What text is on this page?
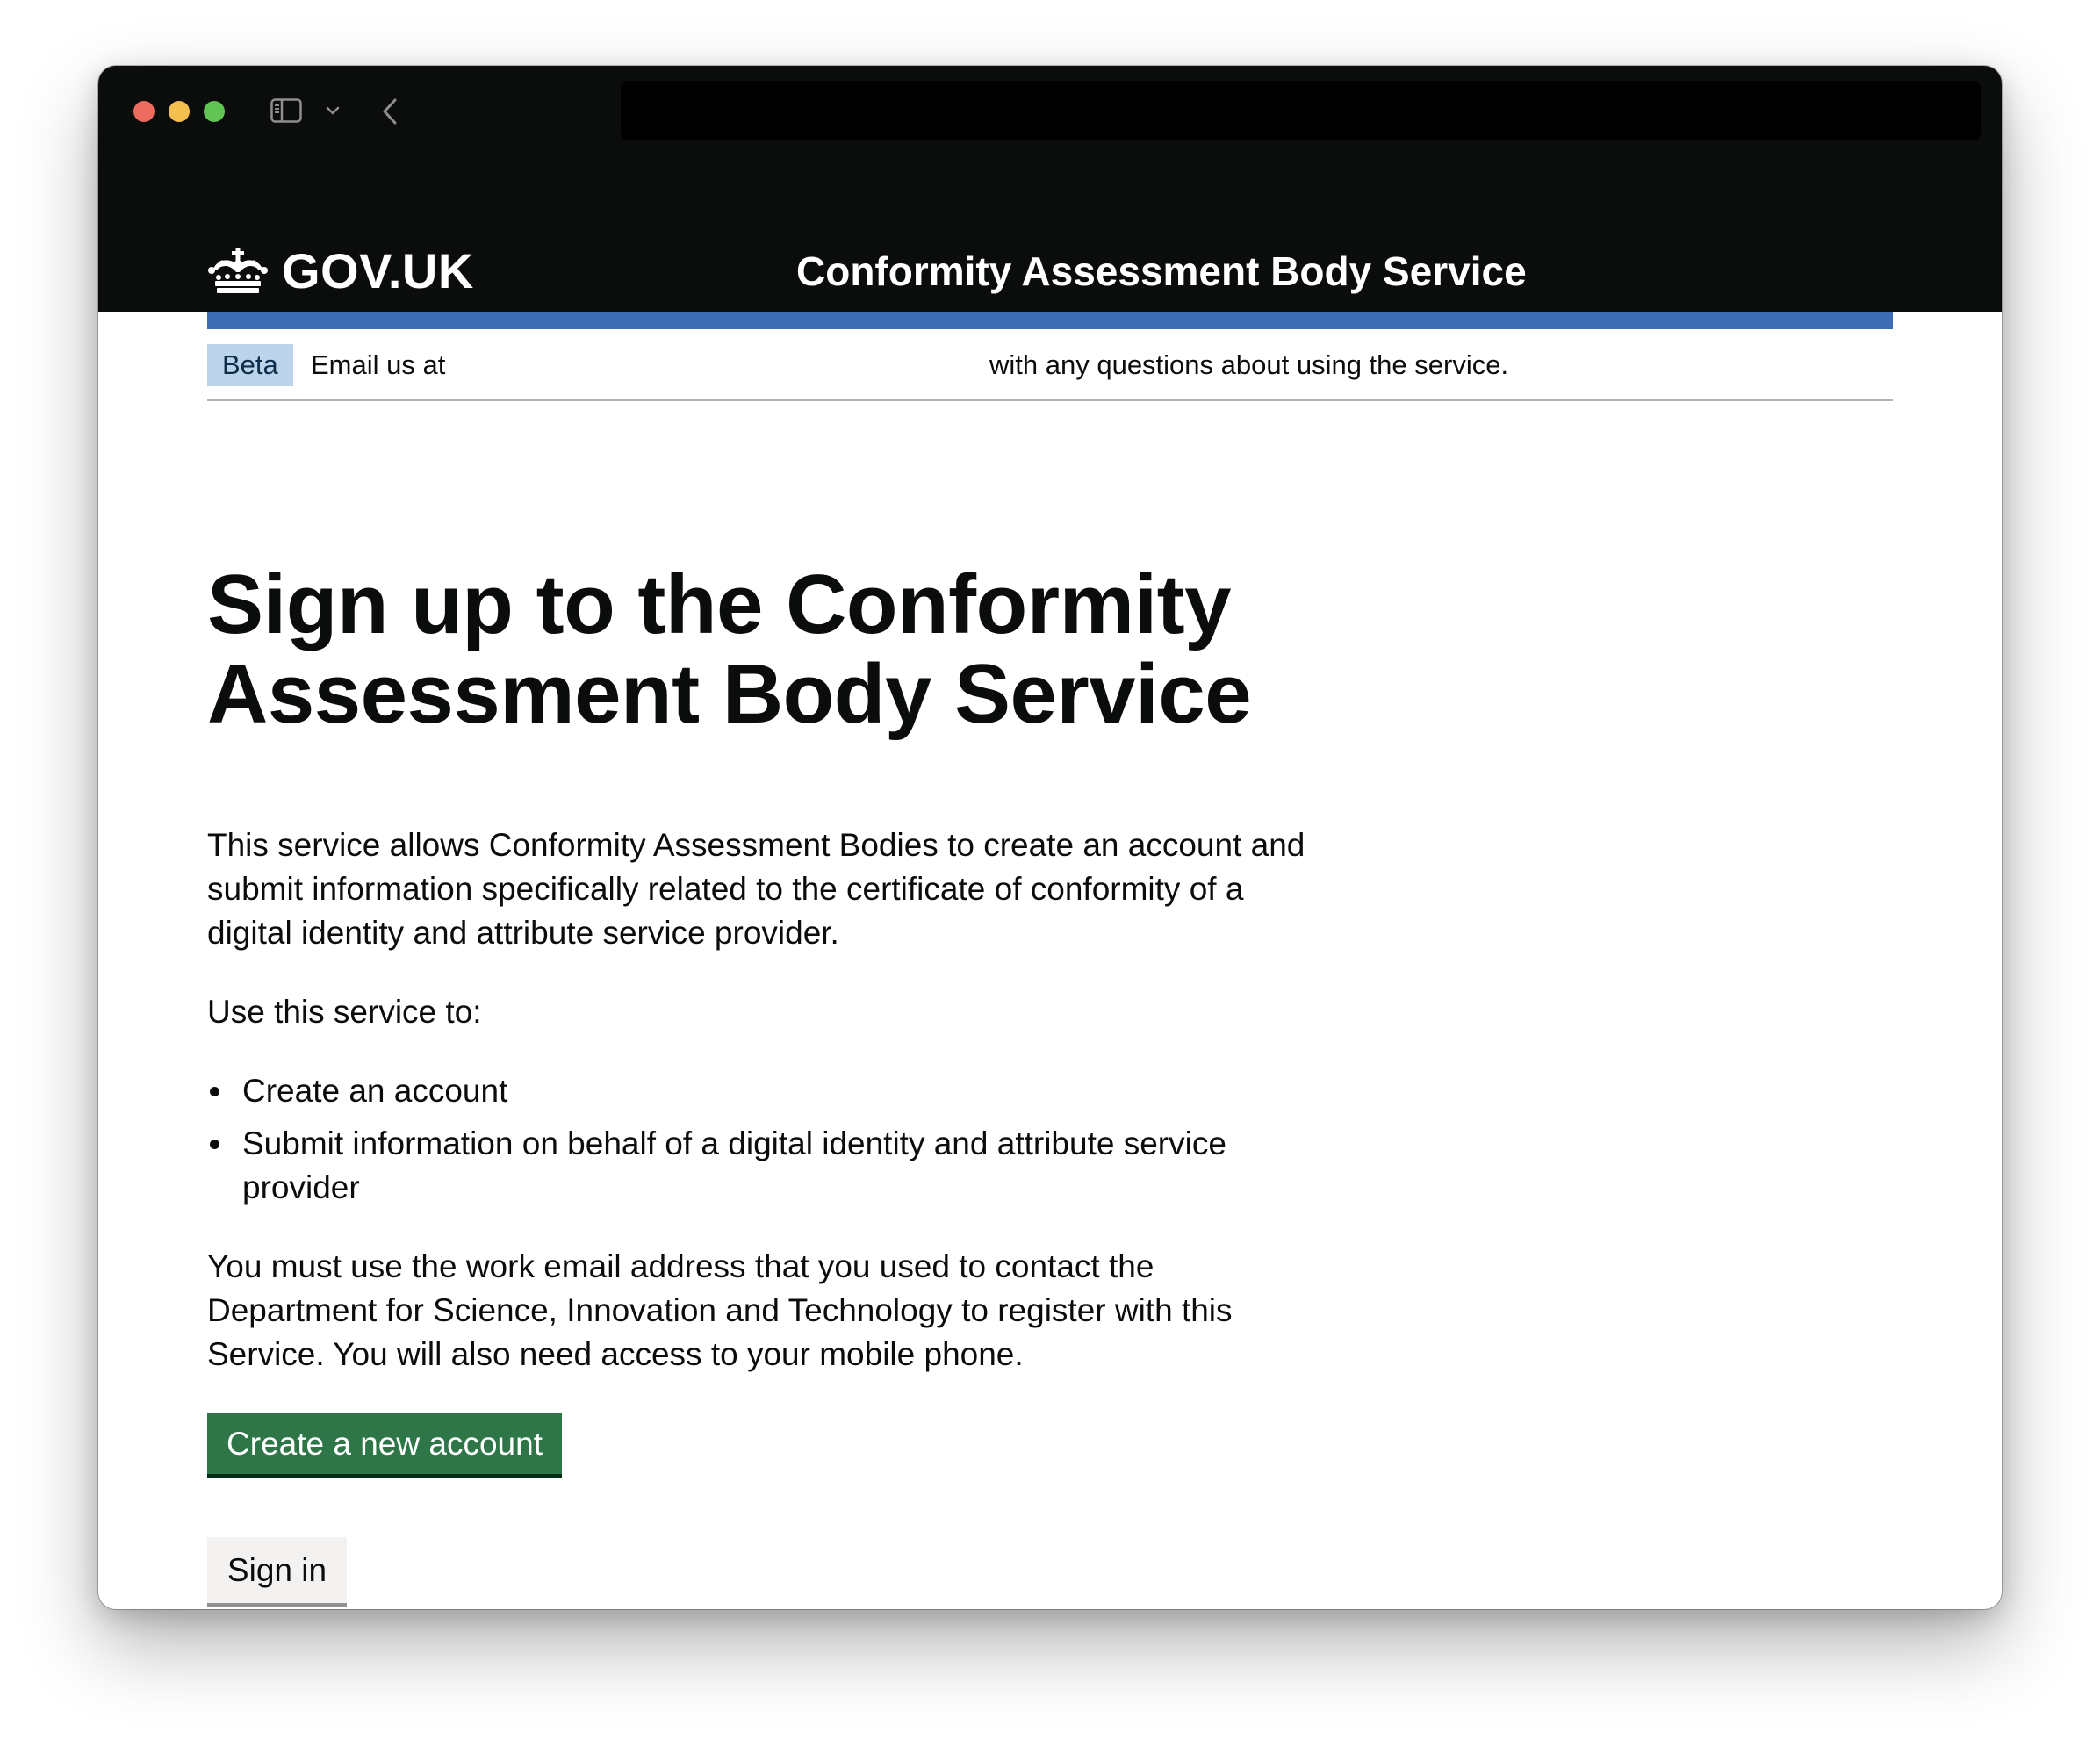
GOV.UK	Conformity Assessment Body Service
Beta	Email us at	with any questions about using the service.
Sign up to the Conformity Assessment Body Service

This service allows Conformity Assessment Bodies to create an account and submit information specifically related to the certificate of conformity of a digital identity and attribute service provider.

Use this service to:

Create an account
Submit information on behalf of a digital identity and attribute service provider

You must use the work email address that you used to contact the Department for Science, Innovation and Technology to register with this Service. You will also need access to your mobile phone.

Create a new account
Sign in
